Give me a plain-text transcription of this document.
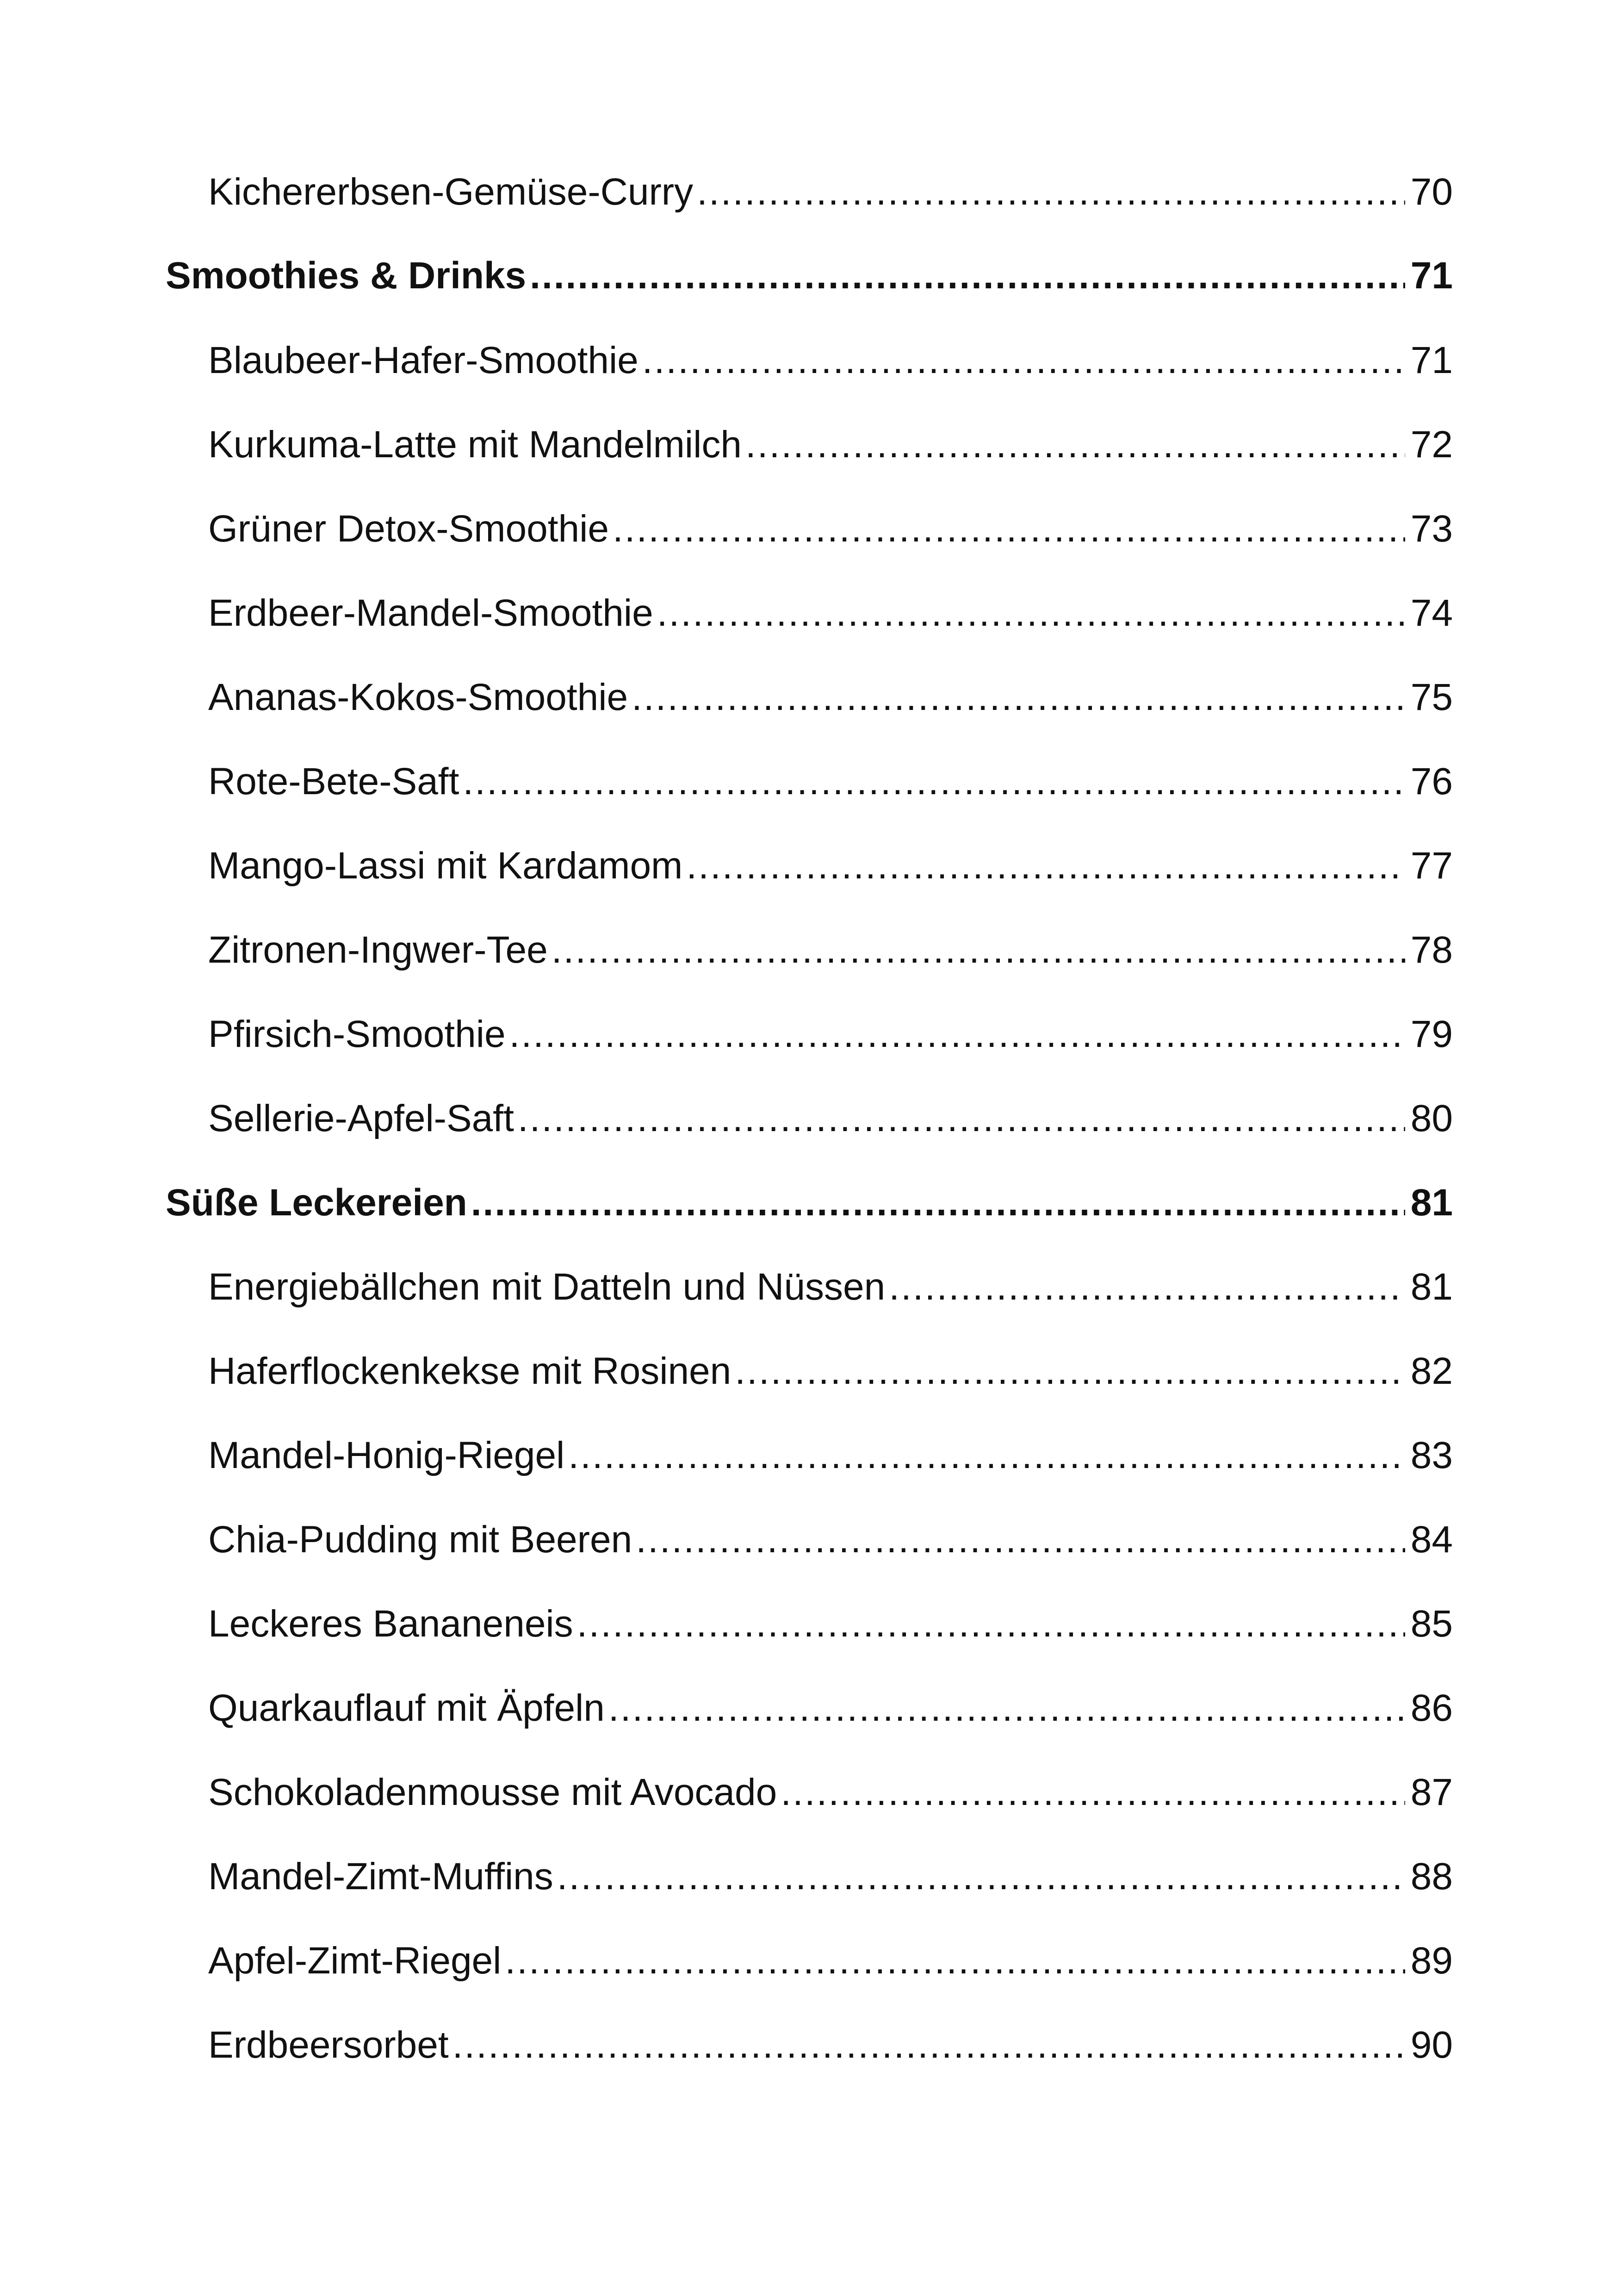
Kichererbsen-Gemüse-Curry .....	70
Smoothies & Drinks .....	71
Blaubeer-Hafer-Smoothie .....	71
Kurkuma-Latte mit Mandelmilch .....	72
Grüner Detox-Smoothie .....	73
Erdbeer-Mandel-Smoothie .....	74
Ananas-Kokos-Smoothie .....	75
Rote-Bete-Saft .....	76
Mango-Lassi mit Kardamom .....	77
Zitronen-Ingwer-Tee .....	78
Pfirsich-Smoothie .....	79
Sellerie-Apfel-Saft .....	80
Süße Leckereien .....	81
Energiebällchen mit Datteln und Nüssen .....	81
Haferflockenkekse mit Rosinen .....	82
Mandel-Honig-Riegel .....	83
Chia-Pudding mit Beeren .....	84
Leckeres Bananeneis .....	85
Quarkauflauf mit Äpfeln .....	86
Schokoladenmousse mit Avocado .....	87
Mandel-Zimt-Muffins .....	88
Apfel-Zimt-Riegel .....	89
Erdbeersorbet .....	90
